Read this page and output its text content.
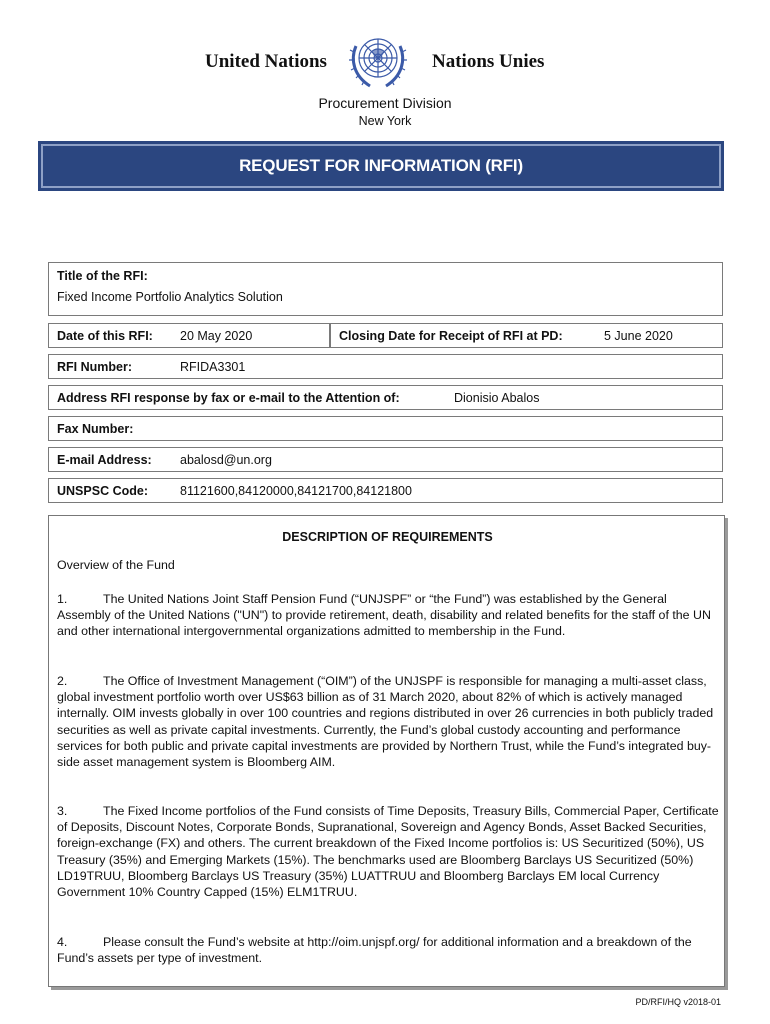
United Nations	Nations Unies
Procurement Division
New York
REQUEST FOR INFORMATION (RFI)
Title of the RFI:
Fixed Income Portfolio Analytics Solution
Date of this RFI: 20 May 2020	Closing Date for Receipt of RFI at PD:	5 June 2020
RFI Number:	RFIDA3301
Address RFI response by fax or e-mail to the Attention of:	Dionisio Abalos
Fax Number:
E-mail Address: abalosd@un.org
UNSPSC Code:	81121600,84120000,84121700,84121800
DESCRIPTION OF REQUIREMENTS
Overview of the Fund
1.	The United Nations Joint Staff Pension Fund (“UNJSPF” or “the Fund”) was established by the General Assembly of the United Nations ("UN") to provide retirement, death, disability and related benefits for the staff of the UN and other international intergovernmental organizations admitted to membership in the Fund.
2.	The Office of Investment Management (“OIM”) of the UNJSPF is responsible for managing a multi-asset class, global investment portfolio worth over US$63 billion as of 31 March 2020, about 82% of which is actively managed internally. OIM invests globally in over 100 countries and regions distributed in over 26 currencies in both publicly traded securities as well as private capital investments. Currently, the Fund’s global custody accounting and performance services for both public and private capital investments are provided by Northern Trust, while the Fund’s integrated buy-side asset management system is Bloomberg AIM.
3.	The Fixed Income portfolios of the Fund consists of Time Deposits, Treasury Bills, Commercial Paper, Certificate of Deposits, Discount Notes, Corporate Bonds, Supranational, Sovereign and Agency Bonds, Asset Backed Securities, foreign-exchange (FX) and others. The current breakdown of the Fixed Income portfolios is: US Securitized (50%), US Treasury (35%) and Emerging Markets (15%). The benchmarks used are Bloomberg Barclays US Securitized (50%) LD19TRUU, Bloomberg Barclays US Treasury (35%) LUATTRUU and Bloomberg Barclays EM local Currency Government 10% Country Capped (15%) ELM1TRUU.
4.	Please consult the Fund’s website at http://oim.unjspf.org/ for additional information and a breakdown of the Fund’s assets per type of investment.
PD/RFI/HQ v2018-01
